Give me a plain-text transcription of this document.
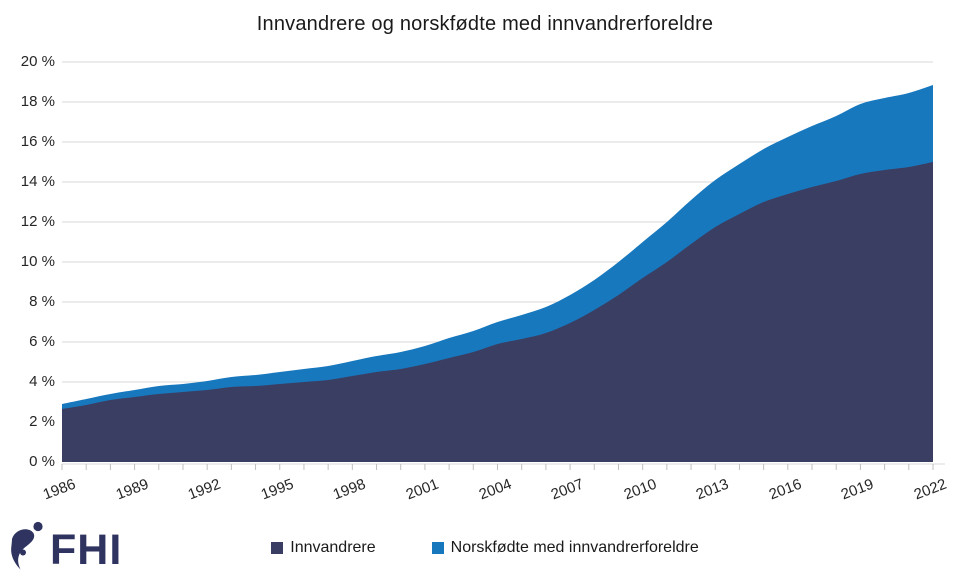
Innvandrere og norskfødte med innvandrerforeldre
0 %
2 %
4 %
6 %
8 %
10 %
12 %
14 %
16 %
18 %
20 %
1986 1989 1992 1995 1998 2001 2004 2007 2010 2013 2016 2019 2022
FHI	Innvandrere	Norskfødte med innvandrerforeldre
